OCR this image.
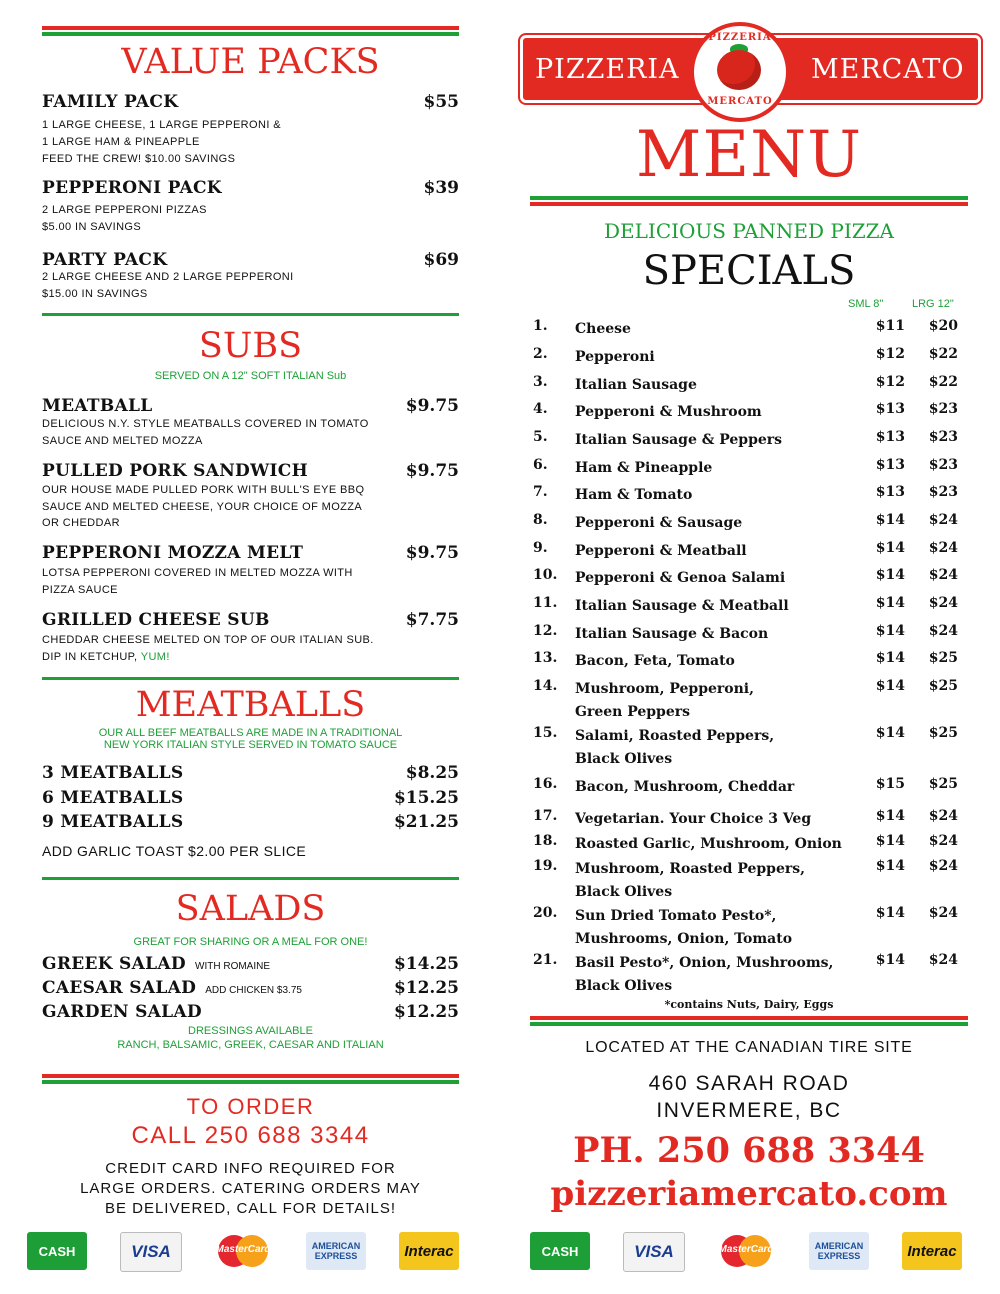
VALUE PACKS
FAMILY PACK	$55
1 LARGE CHEESE, 1 LARGE PEPPERONI &
1 LARGE HAM & PINEAPPLE
FEED THE CREW! $10.00 SAVINGS
PEPPERONI PACK	$39
2 LARGE PEPPERONI PIZZAS
$5.00 IN SAVINGS
PARTY PACK	$69
2 LARGE CHEESE AND 2 LARGE PEPPERONI
$15.00 IN SAVINGS
SUBS
SERVED ON A 12" SOFT ITALIAN Sub
MEATBALL	$9.75
DELICIOUS N.Y. STYLE MEATBALLS COVERED IN TOMATO
SAUCE AND MELTED MOZZA
PULLED PORK SANDWICH	$9.75
OUR HOUSE MADE PULLED PORK WITH BULL'S EYE BBQ
SAUCE AND MELTED CHEESE, YOUR CHOICE OF MOZZA
OR CHEDDAR
PEPPERONI MOZZA MELT	$9.75
LOTSA PEPPERONI COVERED IN MELTED MOZZA WITH
PIZZA SAUCE
GRILLED CHEESE SUB	$7.75
CHEDDAR CHEESE MELTED ON TOP OF OUR ITALIAN SUB.
DIP IN KETCHUP, YUM!
MEATBALLS
OUR ALL BEEF MEATBALLS ARE MADE IN A TRADITIONAL
NEW YORK ITALIAN STYLE SERVED IN TOMATO SAUCE
3 MEATBALLS	$8.25
6 MEATBALLS	$15.25
9 MEATBALLS	$21.25
ADD GARLIC TOAST $2.00 PER SLICE
SALADS
GREAT FOR SHARING OR A MEAL FOR ONE!
GREEK SALAD WITH ROMAINE	$14.25
CAESAR SALAD ADD CHICKEN $3.75	$12.25
GARDEN SALAD	$12.25
DRESSINGS AVAILABLE
RANCH, BALSAMIC, GREEK, CAESAR AND ITALIAN
TO ORDER
CALL 250 688 3344
CREDIT CARD INFO REQUIRED FOR
LARGE ORDERS. CATERING ORDERS MAY
BE DELIVERED, CALL FOR DETAILS!
CASH	VISA	MasterCard	AMERICAN
EXPRESS	Interac
PIZZERIA	MERCATO
PIZZERIA
MERCATO
MENU
DELICIOUS PANNED PIZZA
SPECIALS
SML 8"	LRG 12"
1. Cheese	$11	$20
2. Pepperoni	$12	$22
3. Italian Sausage	$12	$22
4. Pepperoni & Mushroom	$13	$23
5. Italian Sausage & Peppers	$13	$23
6. Ham & Pineapple	$13	$23
7. Ham & Tomato	$13	$23
8. Pepperoni & Sausage	$14	$24
9. Pepperoni & Meatball	$14	$24
10. Pepperoni & Genoa Salami	$14	$24
11. Italian Sausage & Meatball	$14	$24
12. Italian Sausage & Bacon	$14	$24
13. Bacon, Feta, Tomato	$14	$25
14. Mushroom, Pepperoni,
Green Peppers
$14	$25
15. Salami, Roasted Peppers,
Black Olives
$14	$25
16. Bacon, Mushroom, Cheddar	$15	$25
17. Vegetarian. Your Choice 3 Veg	$14	$24
18. Roasted Garlic, Mushroom, Onion	$14	$24
19. Mushroom, Roasted Peppers,
Black Olives
$14	$24
20. Sun Dried Tomato Pesto*,
Mushrooms, Onion, Tomato
$14	$24
21. Basil Pesto*, Onion, Mushrooms,
Black Olives
$14	$24
*contains Nuts, Dairy, Eggs
LOCATED AT THE CANADIAN TIRE SITE
460 SARAH ROAD
INVERMERE, BC
PH. 250 688 3344
pizzeriamercato.com
CASH	VISA	MasterCard	AMERICAN
EXPRESS	Interac
